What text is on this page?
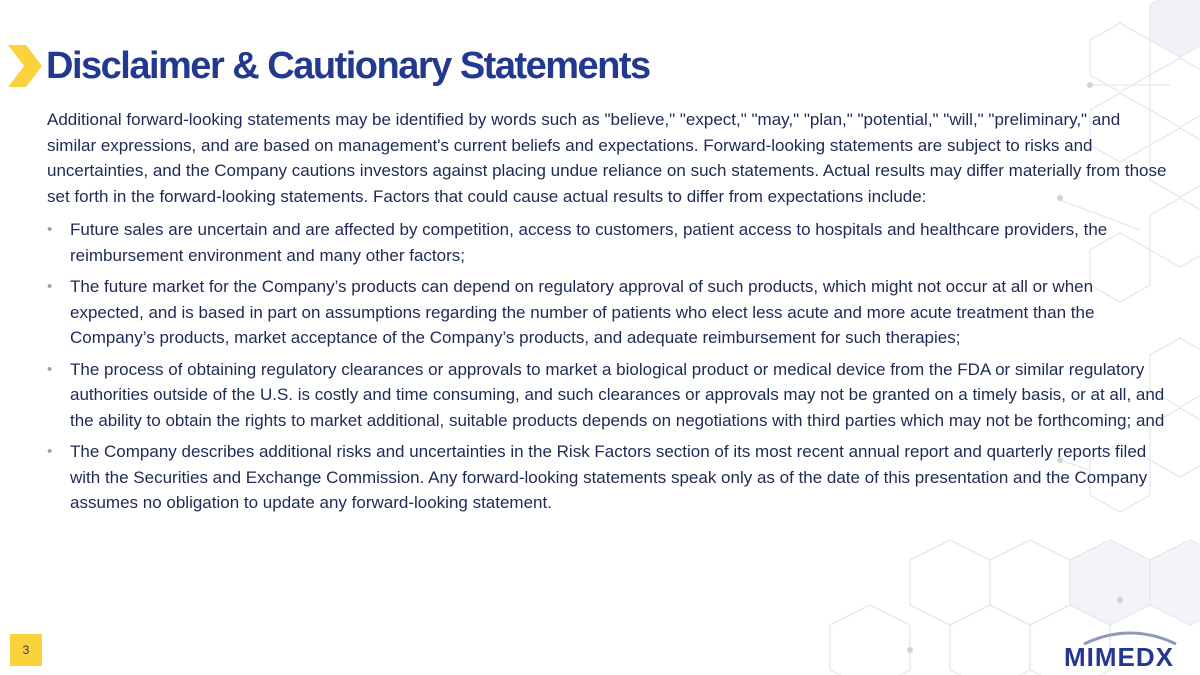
Disclaimer & Cautionary Statements

Additional forward-looking statements may be identified by words such as "believe," "expect," "may," "plan," "potential," "will," "preliminary," and similar expressions, and are based on management's current beliefs and expectations. Forward-looking statements are subject to risks and uncertainties, and the Company cautions investors against placing undue reliance on such statements. Actual results may differ materially from those set forth in the forward-looking statements. Factors that could cause actual results to differ from expectations include:

• Future sales are uncertain and are affected by competition, access to customers, patient access to hospitals and healthcare providers, the reimbursement environment and many other factors;
• The future market for the Company’s products can depend on regulatory approval of such products, which might not occur at all or when expected, and is based in part on assumptions regarding the number of patients who elect less acute and more acute treatment than the Company’s products, market acceptance of the Company’s products, and adequate reimbursement for such therapies;
• The process of obtaining regulatory clearances or approvals to market a biological product or medical device from the FDA or similar regulatory authorities outside of the U.S. is costly and time consuming, and such clearances or approvals may not be granted on a timely basis, or at all, and the ability to obtain the rights to market additional, suitable products depends on negotiations with third parties which may not be forthcoming; and
• The Company describes additional risks and uncertainties in the Risk Factors section of its most recent annual report and quarterly reports filed with the Securities and Exchange Commission. Any forward-looking statements speak only as of the date of this presentation and the Company assumes no obligation to update any forward-looking statement.
3	MIMEDX
